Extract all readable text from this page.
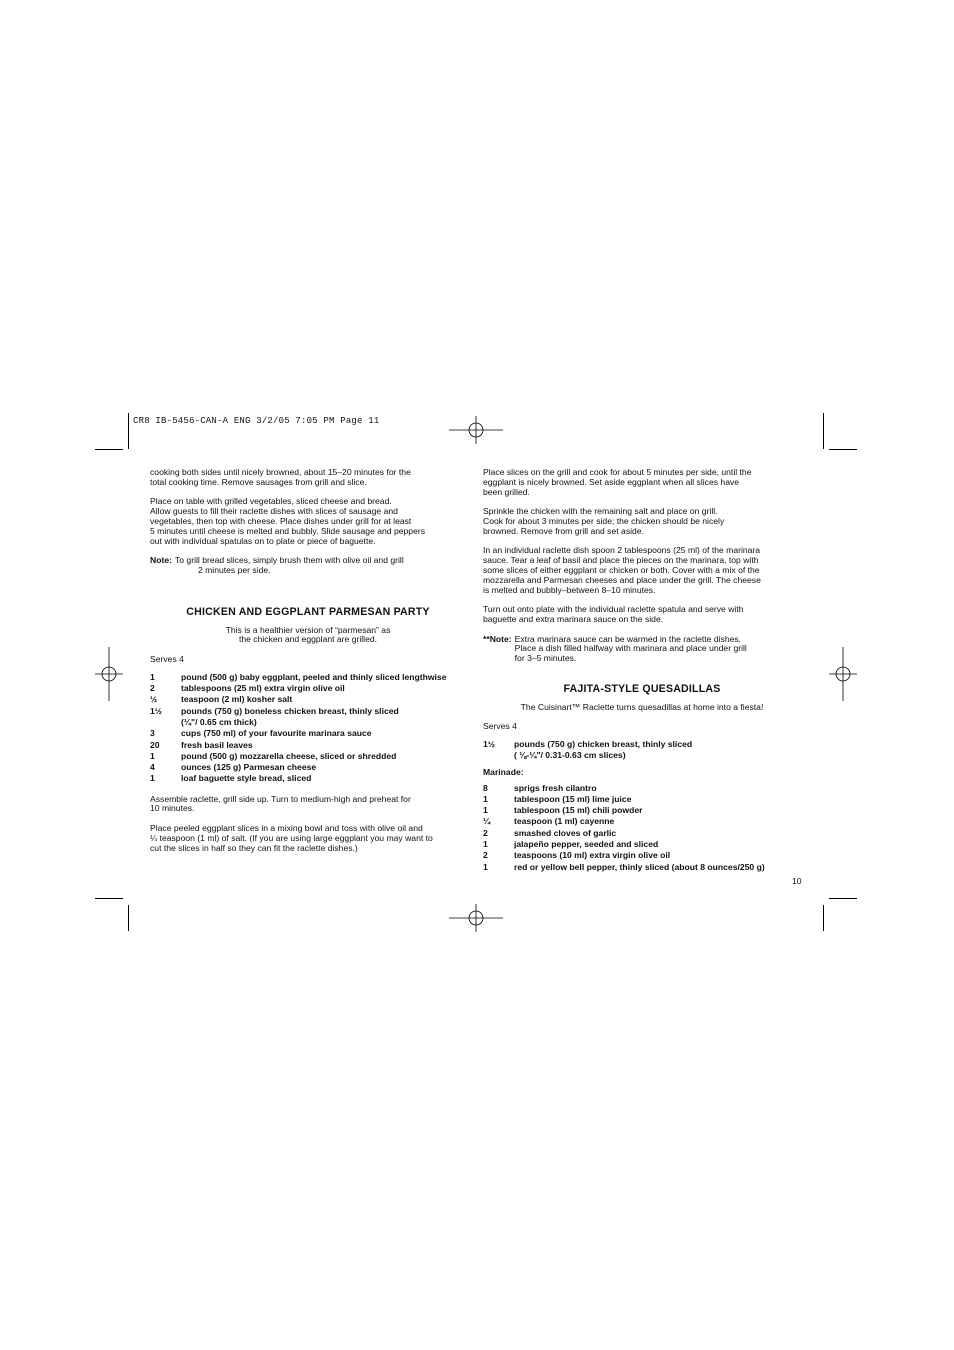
CR8 IB-5456-CAN-A ENG 3/2/05 7:05 PM Page 11

cooking both sides until nicely browned, about 15–20 minutes for the
total cooking time. Remove sausages from grill and slice.

Place on table with grilled vegetables, sliced cheese and bread.
Allow guests to fill their raclette dishes with slices of sausage and
vegetables, then top with cheese. Place dishes under grill for at least
5 minutes until cheese is melted and bubbly. Slide sausage and peppers
out with individual spatulas on to plate or piece of baguette.

Note: To grill bread slices, simply brush them with olive oil and grill
2 minutes per side.
CHICKEN AND EGGPLANT PARMESAN PARTY

This is a healthier version of “parmesan” as
the chicken and eggplant are grilled.

Serves 4

1	pound (500 g) baby eggplant, peeled and thinly sliced lengthwise
2	tablespoons (25 ml) extra virgin olive oil
½	teaspoon (2 ml) kosher salt
1½	pounds (750 g) boneless chicken breast, thinly sliced
(¼"/ 0.65 cm thick)
3	cups (750 ml) of your favourite marinara sauce
20	fresh basil leaves
1	pound (500 g) mozzarella cheese, sliced or shredded
4	ounces (125 g) Parmesan cheese
1	loaf baguette style bread, sliced

Assemble raclette, grill side up. Turn to medium-high and preheat for
10 minutes.

Place peeled eggplant slices in a mixing bowl and toss with olive oil and
¼ teaspoon (1 ml) of salt. (If you are using large eggplant you may want to
cut the slices in half so they can fit the raclette dishes.)

Place slices on the grill and cook for about 5 minutes per side, until the
eggplant is nicely browned. Set aside eggplant when all slices have
been grilled.

Sprinkle the chicken with the remaining salt and place on grill.
Cook for about 3 minutes per side; the chicken should be nicely
browned. Remove from grill and set aside.

In an individual raclette dish spoon 2 tablespoons (25 ml) of the marinara
sauce. Tear a leaf of basil and place the pieces on the marinara, top with
some slices of either eggplant or chicken or both. Cover with a mix of the
mozzarella and Parmesan cheeses and place under the grill. The cheese
is melted and bubbly–between 8–10 minutes.

Turn out onto plate with the individual raclette spatula and serve with
baguette and extra marinara sauce on the side.

**Note: Extra marinara sauce can be warmed in the raclette dishes.
Place a dish filled halfway with marinara and place under grill
for 3–5 minutes.
FAJITA-STYLE QUESADILLAS

The Cuisinart™ Raclette turns quesadillas at home into a fiesta!

Serves 4

1½	pounds (750 g) chicken breast, thinly sliced
( ⅛-¼"/ 0.31-0.63 cm slices)

Marinade:

8	sprigs fresh cilantro
1	tablespoon (15 ml) lime juice
1	tablespoon (15 ml) chili powder
¼	teaspoon (1 ml) cayenne
2	smashed cloves of garlic
1	jalapeño pepper, seeded and sliced
2	teaspoons (10 ml) extra virgin olive oil
1	red or yellow bell pepper, thinly sliced (about 8 ounces/250 g)
10
